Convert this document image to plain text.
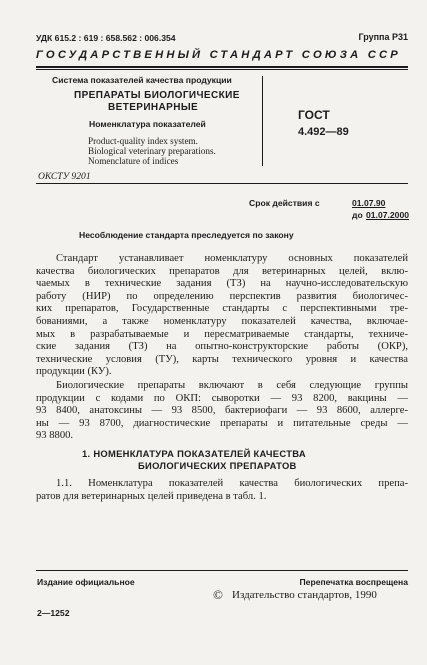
УДК 615.2 : 619 : 658.562 : 006.354	Группа Р31
ГОСУДАРСТВЕННЫЙ СТАНДАРТ СОЮЗА ССР
Система показателей качества продукции
ПРЕПАРАТЫ БИОЛОГИЧЕСКИЕ
ВЕТЕРИНАРНЫЕ
Номенклатура показателей
Product-quality index system.
Biological veterinary preparations.
Nomenclature of indices
ГОСТ
4.492—89
ОКСТУ 9201
Срок действия с	01.07.90
до 01.07.2000
Несоблюдение стандарта преследуется по закону
Стандарт устанавливает номенклатуру основных показателей
качества биологических препаратов для ветеринарных целей, вклю-
чаемых в технические задания (ТЗ) на научно-исследовательскую
работу (НИР) по определению перспектив развития биологичес-
ких препаратов, Государственные стандарты с перспективными тре-
бованиями, а также номенклатуру показателей качества, включае-
мых в разрабатываемые и пересматриваемые стандарты, техниче-
ские задания (ТЗ) на опытно-конструкторские работы (ОКР),
технические условия (ТУ), карты технического уровня и качества
продукции (КУ).
Биологические препараты включают в себя следующие группы
продукции с кодами по ОКП: сыворотки — 93 8200, вакцины —
93 8400, анатоксины — 93 8500, бактериофаги — 93 8600, аллерге-
ны — 93 8700, диагностические препараты и питательные среды —
93 8800.
1. НОМЕНКЛАТУРА ПОКАЗАТЕЛЕЙ КАЧЕСТВА
БИОЛОГИЧЕСКИХ ПРЕПАРАТОВ
1.1. Номенклатура показателей качества биологических препа-
ратов для ветеринарных целей приведена в табл. 1.
Издание официальное	Перепечатка воспрещена
© Издательство стандартов, 1990
2—1252
